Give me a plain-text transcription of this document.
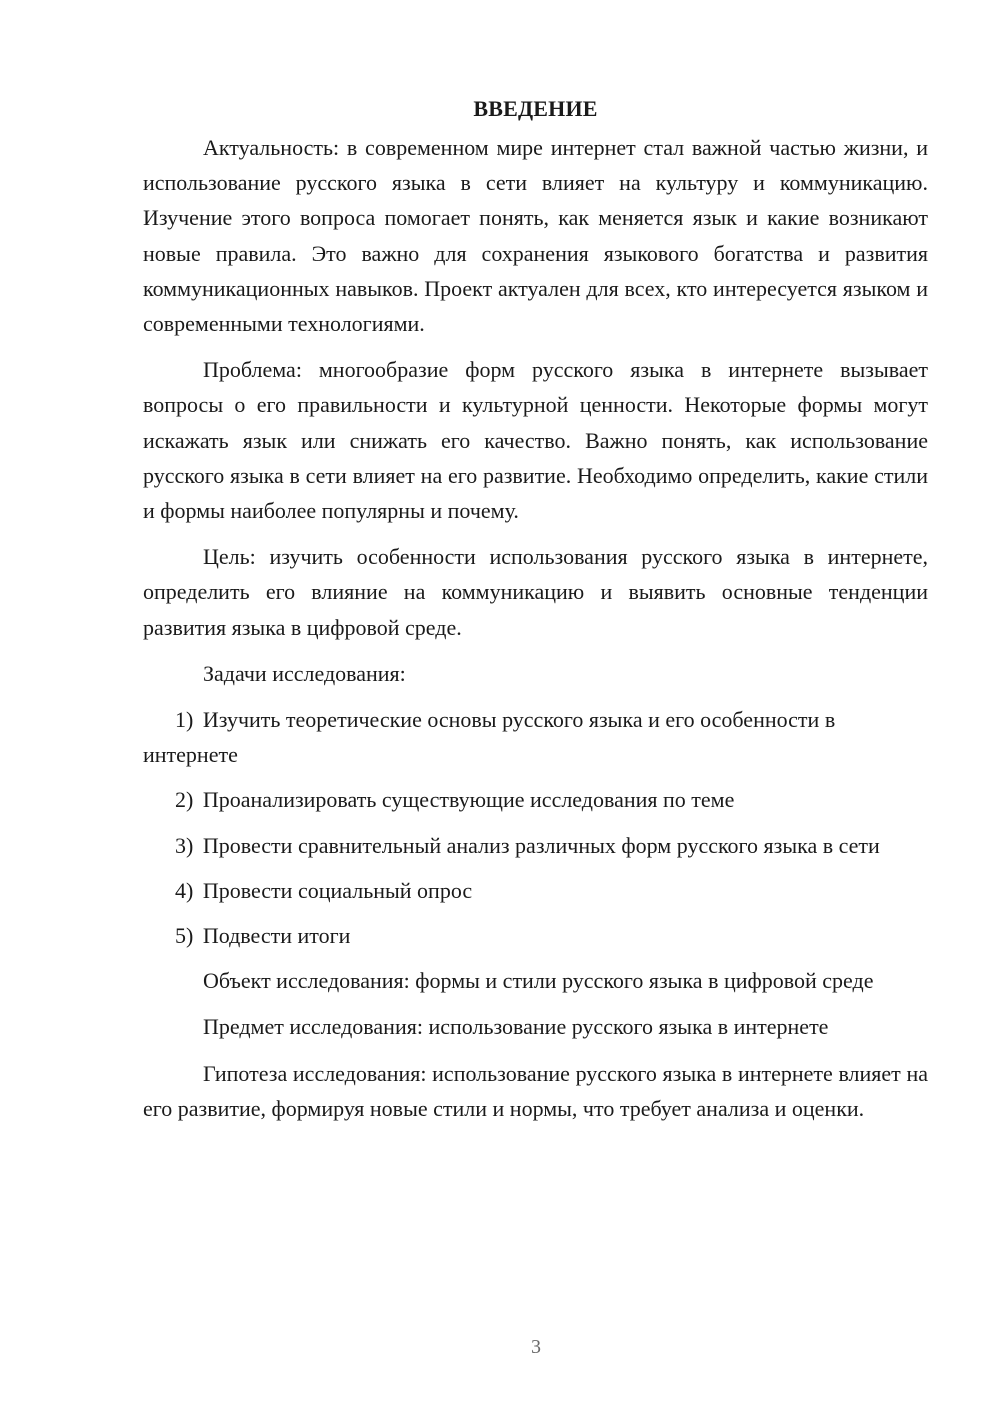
ВВЕДЕНИЕ

Актуальность: в современном мире интернет стал важной частью жизни, и использование русского языка в сети влияет на культуру и коммуникацию. Изучение этого вопроса помогает понять, как меняется язык и какие возникают новые правила. Это важно для сохранения языкового богатства и развития коммуникационных навыков. Проект актуален для всех, кто интересуется языком и современными технологиями.

Проблема: многообразие форм русского языка в интернете вызывает вопросы о его правильности и культурной ценности. Некоторые формы могут искажать язык или снижать его качество. Важно понять, как использование русского языка в сети влияет на его развитие. Необходимо определить, какие стили и формы наиболее популярны и почему.

Цель: изучить особенности использования русского языка в интернете, определить его влияние на коммуникацию и выявить основные тенденции развития языка в цифровой среде.

Задачи исследования:

1) Изучить теоретические основы русского языка и его особенности в интернете

2) Проанализировать существующие исследования по теме

3) Провести сравнительный анализ различных форм русского языка в сети

4) Провести социальный опрос

5) Подвести итоги

Объект исследования: формы и стили русского языка в цифровой среде

Предмет исследования: использование русского языка в интернете

Гипотеза исследования: использование русского языка в интернете влияет на его развитие, формируя новые стили и нормы, что требует анализа и оценки.

3
